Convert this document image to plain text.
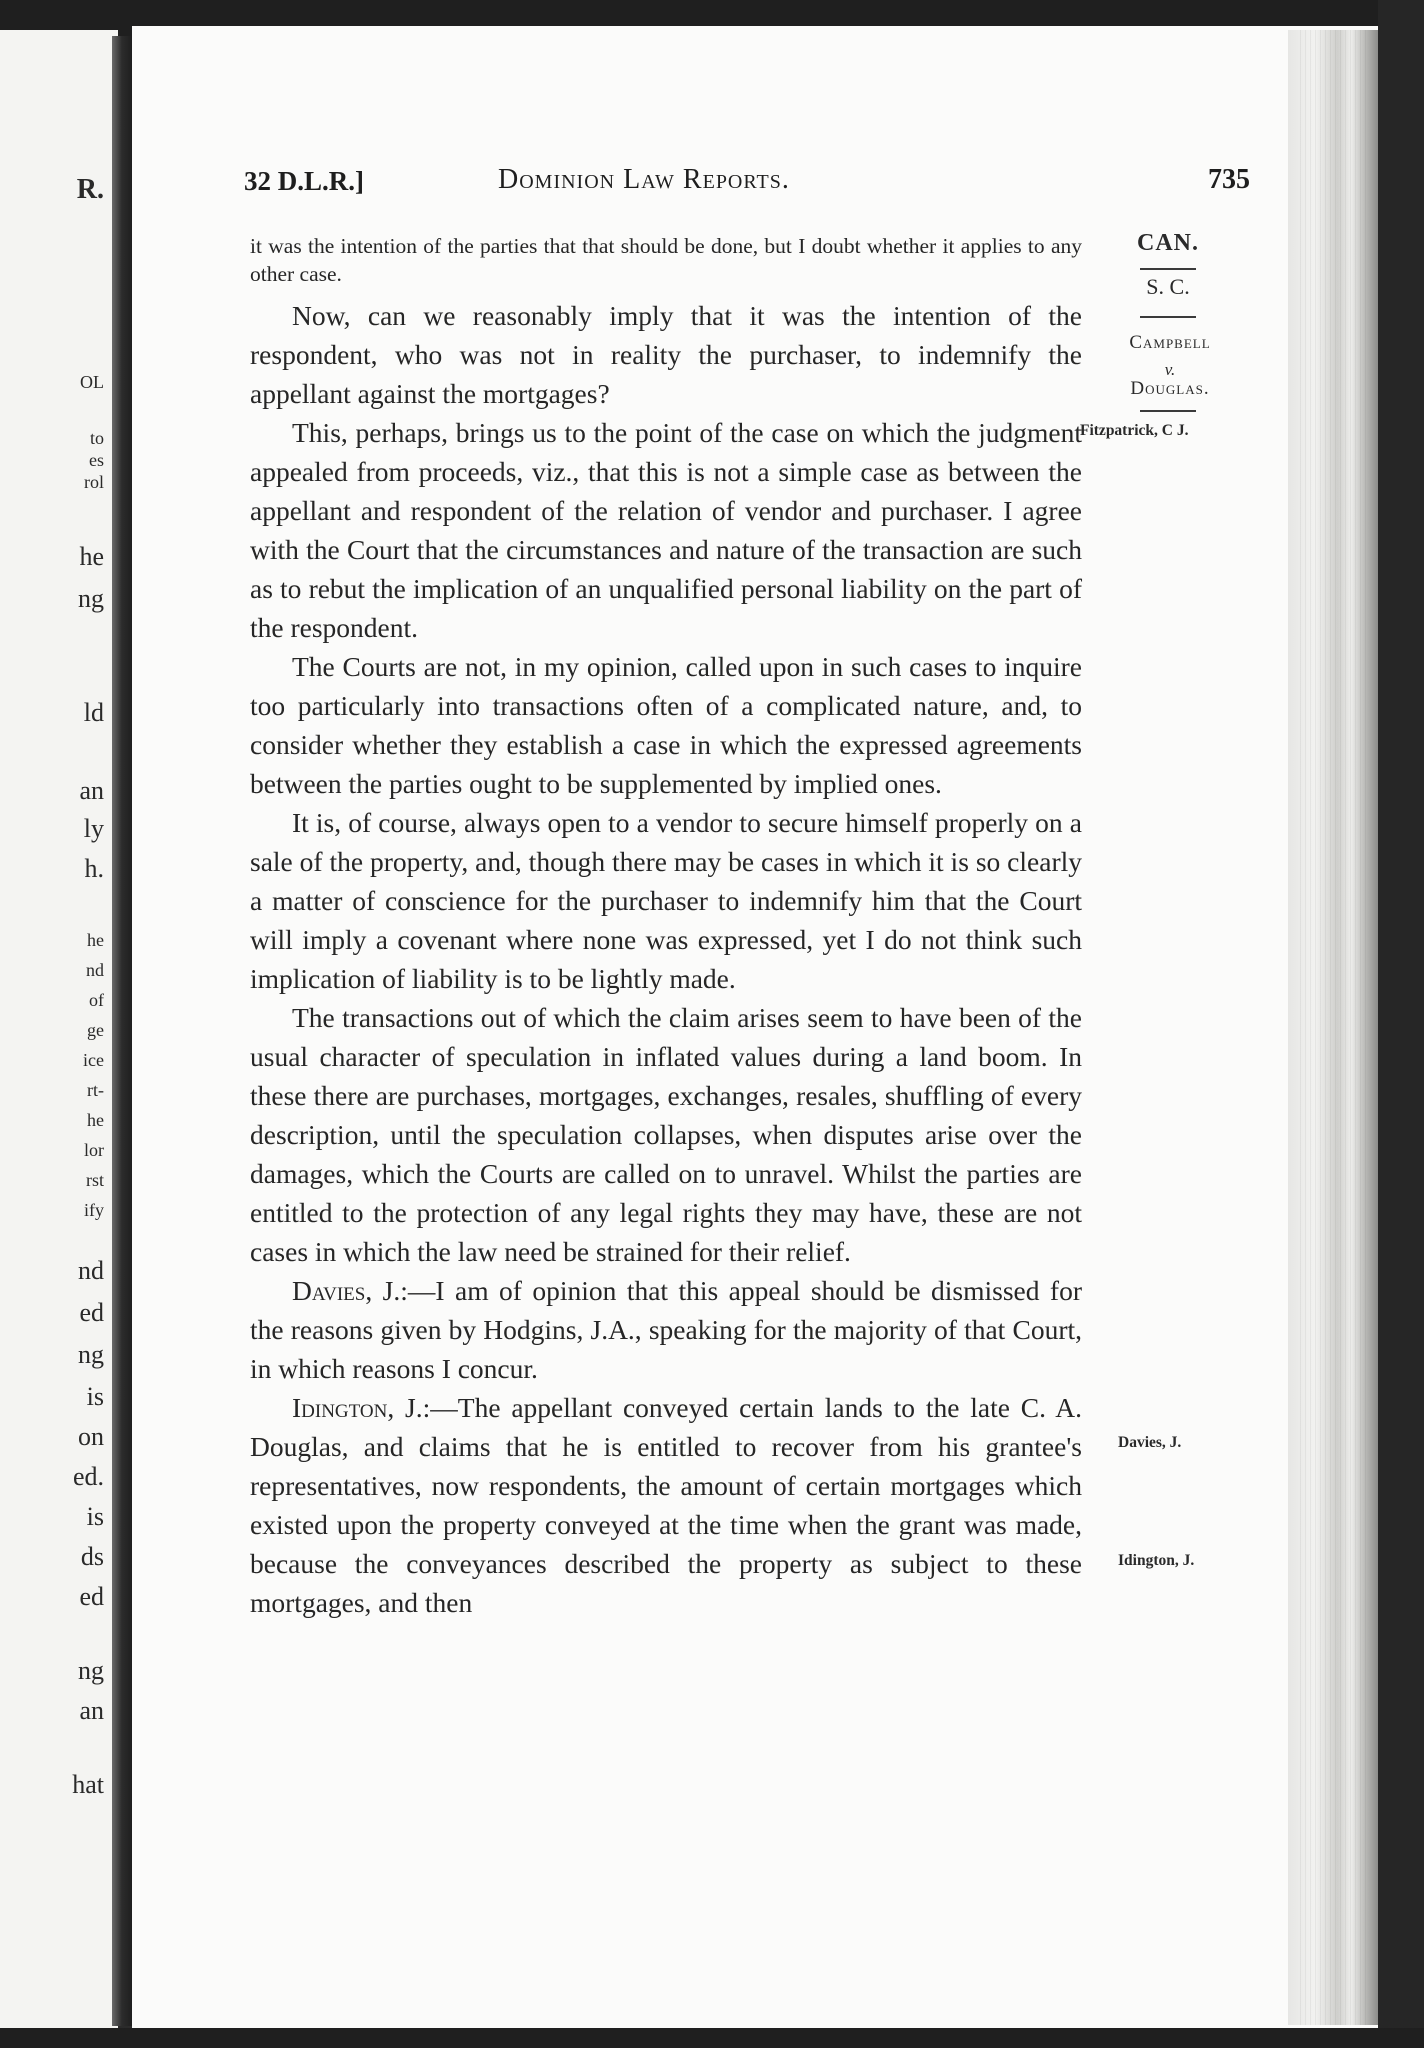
R.
OL
to
es
rol
he
ng
ld
an
ly
h.
he
nd
of
ge
ice
rt-
he
lor
rst
ify
nd
ed
ng
is
on
ed.
is
ds
ed
ng
an
hat
32 D.L.R.]	Dominion Law Reports.	735
CAN.
S. C.
Campbell
v.
Douglas.
Fitzpatrick, C J.
Davies, J.
Idington, J.

it was the intention of the parties that that should be done, but I doubt whether it applies to any other case.

Now, can we reasonably imply that it was the intention of the respondent, who was not in reality the purchaser, to indemnify the appellant against the mortgages?

This, perhaps, brings us to the point of the case on which the judgment appealed from proceeds, viz., that this is not a simple case as between the appellant and respondent of the relation of vendor and purchaser. I agree with the Court that the circumstances and nature of the transaction are such as to rebut the implication of an unqualified personal liability on the part of the respondent.

The Courts are not, in my opinion, called upon in such cases to inquire too particularly into transactions often of a complicated nature, and, to consider whether they establish a case in which the expressed agreements between the parties ought to be supplemented by implied ones.

It is, of course, always open to a vendor to secure himself properly on a sale of the property, and, though there may be cases in which it is so clearly a matter of conscience for the purchaser to indemnify him that the Court will imply a covenant where none was expressed, yet I do not think such implication of liability is to be lightly made.

The transactions out of which the claim arises seem to have been of the usual character of speculation in inflated values during a land boom. In these there are purchases, mortgages, exchanges, resales, shuffling of every description, until the speculation collapses, when disputes arise over the damages, which the Courts are called on to unravel. Whilst the parties are entitled to the protection of any legal rights they may have, these are not cases in which the law need be strained for their relief.

Davies, J.:—I am of opinion that this appeal should be dismissed for the reasons given by Hodgins, J.A., speaking for the majority of that Court, in which reasons I concur.

Idington, J.:—The appellant conveyed certain lands to the late C. A. Douglas, and claims that he is entitled to recover from his grantee's representatives, now respondents, the amount of certain mortgages which existed upon the property conveyed at the time when the grant was made, because the conveyances described the property as subject to these mortgages, and then
